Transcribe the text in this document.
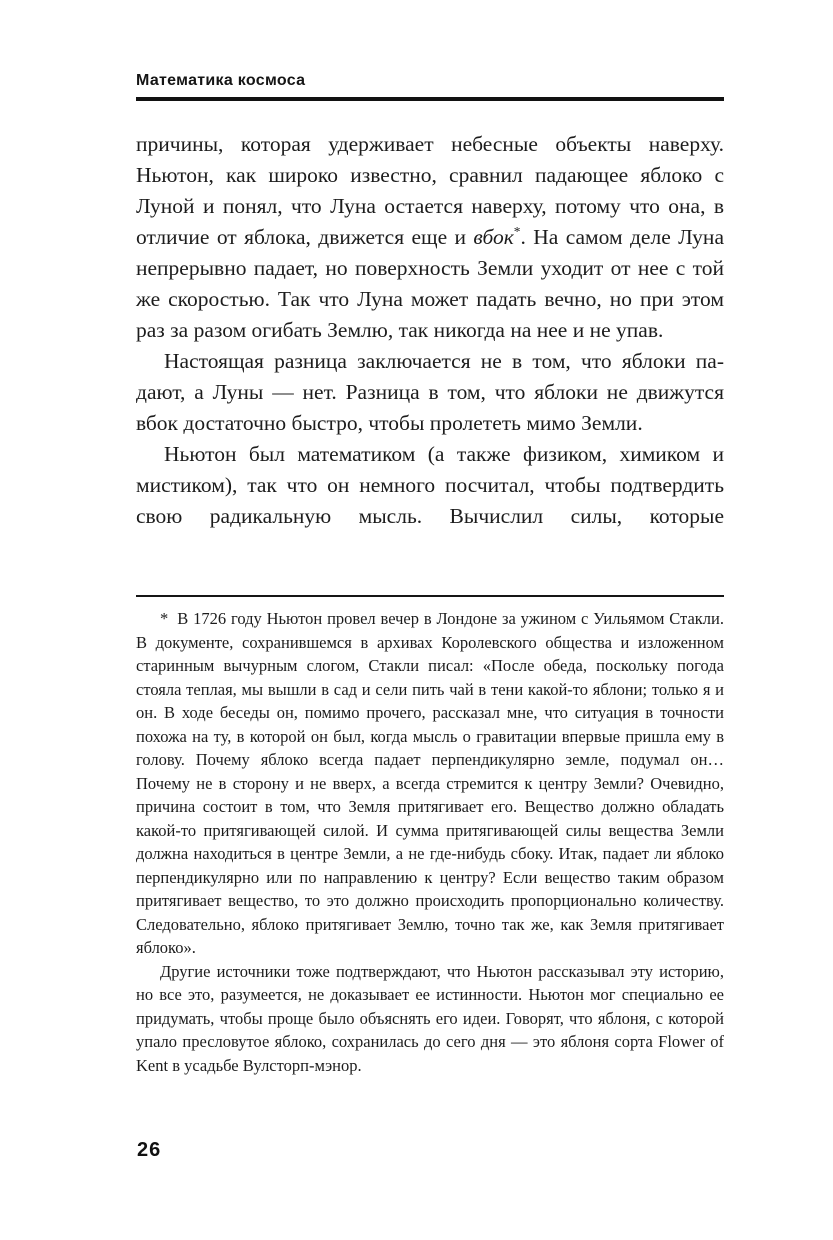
Математика космоса

причины, которая удерживает небесные объекты наверху. Ньютон, как широко известно, сравнил падающее яблоко с Луной и понял, что Луна остается наверху, потому что она, в отличие от яблока, движется еще и вбок*. На самом деле Луна непрерывно падает, но поверхность Земли уходит от нее с той же скоростью. Так что Луна может падать вечно, но при этом раз за разом огибать Землю, так никогда на нее и не упав.

Настоящая разница заключается не в том, что яблоки падают, а Луны — нет. Разница в том, что яблоки не движутся вбок достаточно быстро, чтобы пролететь мимо Земли.

Ньютон был математиком (а также физиком, химиком и мистиком), так что он немного посчитал, чтобы подтвердить свою радикальную мысль. Вычислил силы, которые

* В 1726 году Ньютон провел вечер в Лондоне за ужином с Уильямом Стакли. В документе, сохранившемся в архивах Королевского общества и изложенном старинным вычурным слогом, Стакли писал: «После обеда, поскольку погода стояла теплая, мы вышли в сад и сели пить чай в тени какой-то яблони; только я и он. В ходе беседы он, помимо прочего, рассказал мне, что ситуация в точности похожа на ту, в которой он был, когда мысль о гравитации впервые пришла ему в голову. Почему яблоко всегда падает перпендикулярно земле, подумал он… Почему не в сторону и не вверх, а всегда стремится к центру Земли? Очевидно, причина состоит в том, что Земля притягивает его. Вещество должно обладать какой-то притягивающей силой. И сумма притягивающей силы вещества Земли должна находиться в центре Земли, а не где-нибудь сбоку. Итак, падает ли яблоко перпендикулярно или по направлению к центру? Если вещество таким образом притягивает вещество, то это должно происходить пропорционально количеству. Следовательно, яблоко притягивает Землю, точно так же, как Земля притягивает яблоко».

Другие источники тоже подтверждают, что Ньютон рассказывал эту историю, но все это, разумеется, не доказывает ее истинности. Ньютон мог специально ее придумать, чтобы проще было объяснять его идеи. Говорят, что яблоня, с которой упало пресловутое яблоко, сохранилась до сего дня — это яблоня сорта Flower of Kent в усадьбе Вулсторп-мэнор.

26
